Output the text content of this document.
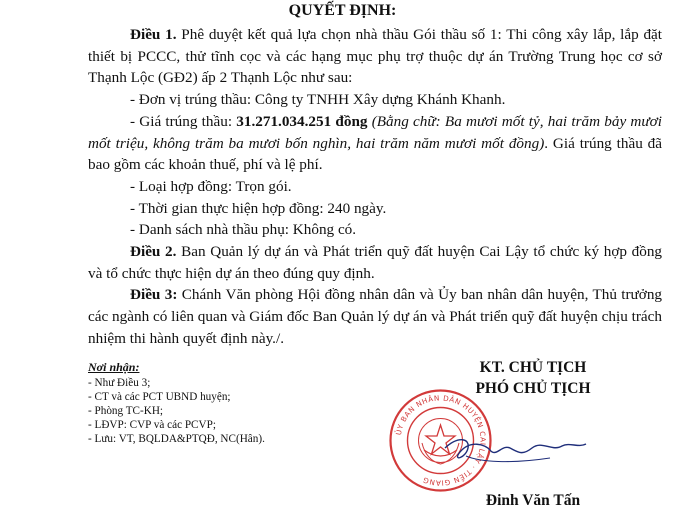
QUYẾT ĐỊNH:

Điều 1. Phê duyệt kết quả lựa chọn nhà thầu Gói thầu số 1: Thi công xây lắp, lắp đặt thiết bị PCCC, thử tĩnh cọc và các hạng mục phụ trợ thuộc dự án Trường Trung học cơ sở Thạnh Lộc (GĐ2) ấp 2 Thạnh Lộc như sau:

- Đơn vị trúng thầu: Công ty TNHH Xây dựng Khánh Khanh.

- Giá trúng thầu: 31.271.034.251 đồng (Bằng chữ: Ba mươi mốt tỷ, hai trăm bảy mươi mốt triệu, không trăm ba mươi bốn nghìn, hai trăm năm mươi mốt đồng). Giá trúng thầu đã bao gồm các khoản thuế, phí và lệ phí.

- Loại hợp đồng: Trọn gói.

- Thời gian thực hiện hợp đồng: 240 ngày.

- Danh sách nhà thầu phụ: Không có.

Điều 2. Ban Quản lý dự án và Phát triển quỹ đất huyện Cai Lậy tổ chức ký hợp đồng và tổ chức thực hiện dự án theo đúng quy định.

Điều 3: Chánh Văn phòng Hội đồng nhân dân và Ủy ban nhân dân huyện, Thủ trưởng các ngành có liên quan và Giám đốc Ban Quản lý dự án và Phát triển quỹ đất huyện chịu trách nhiệm thi hành quyết định này./.

Nơi nhận:
- Như Điều 3;
- CT và các PCT UBND huyện;
- Phòng TC-KH;
- LĐVP: CVP và các PCVP;
- Lưu: VT, BQLDA&PTQĐ, NC(Hân).
KT. CHỦ TỊCH
PHÓ CHỦ TỊCH
ỦY BAN NHÂN DÂN HUYỆN CAI LẬY · TIỀN GIANG
Đinh Văn Tấn
